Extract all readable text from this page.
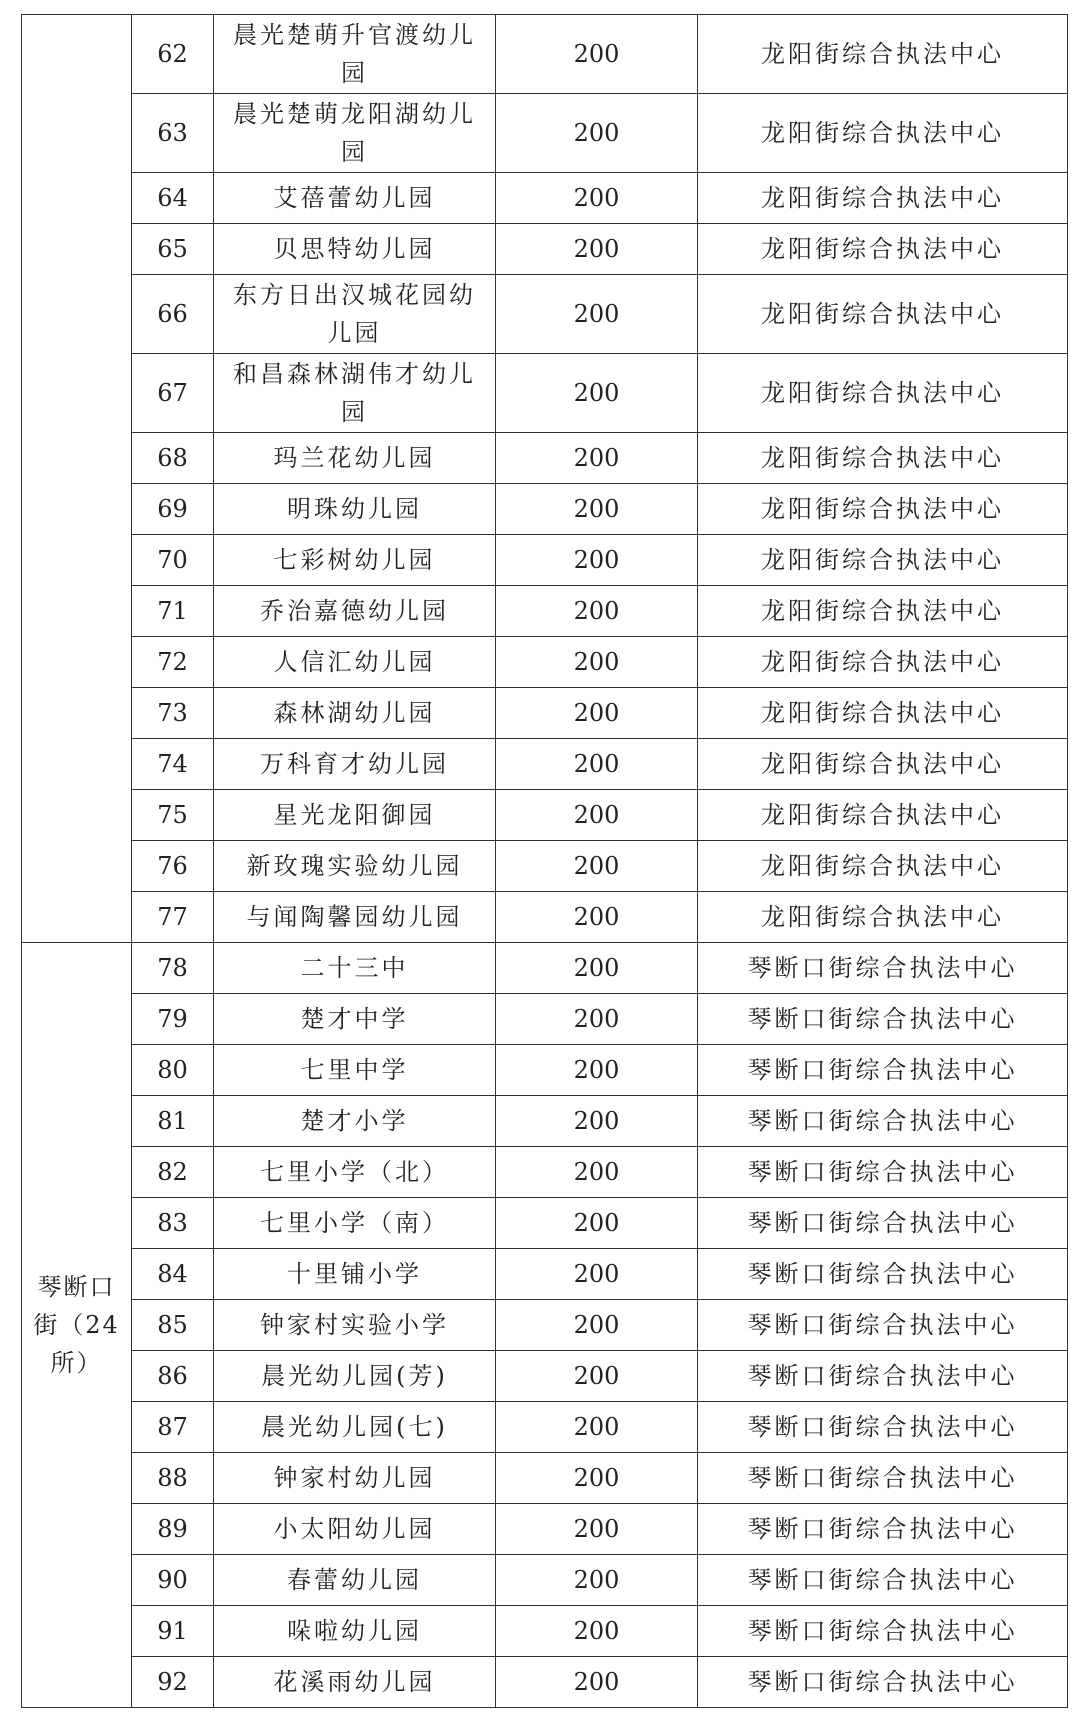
	62	晨光楚萌升官渡幼儿园	200	龙阳街综合执法中心
	63	晨光楚萌龙阳湖幼儿园	200	龙阳街综合执法中心
	64	艾蓓蕾幼儿园	200	龙阳街综合执法中心
	65	贝思特幼儿园	200	龙阳街综合执法中心
	66	东方日出汉城花园幼儿园	200	龙阳街综合执法中心
	67	和昌森林湖伟才幼儿园	200	龙阳街综合执法中心
	68	玛兰花幼儿园	200	龙阳街综合执法中心
	69	明珠幼儿园	200	龙阳街综合执法中心
	70	七彩树幼儿园	200	龙阳街综合执法中心
	71	乔治嘉德幼儿园	200	龙阳街综合执法中心
	72	人信汇幼儿园	200	龙阳街综合执法中心
	73	森林湖幼儿园	200	龙阳街综合执法中心
	74	万科育才幼儿园	200	龙阳街综合执法中心
	75	星光龙阳御园	200	龙阳街综合执法中心
	76	新玫瑰实验幼儿园	200	龙阳街综合执法中心
	77	与闻陶馨园幼儿园	200	龙阳街综合执法中心
琴断口街（24所）	78	二十三中	200	琴断口街综合执法中心
	79	楚才中学	200	琴断口街综合执法中心
	80	七里中学	200	琴断口街综合执法中心
	81	楚才小学	200	琴断口街综合执法中心
	82	七里小学（北）	200	琴断口街综合执法中心
	83	七里小学（南）	200	琴断口街综合执法中心
	84	十里铺小学	200	琴断口街综合执法中心
	85	钟家村实验小学	200	琴断口街综合执法中心
	86	晨光幼儿园(芳)	200	琴断口街综合执法中心
	87	晨光幼儿园(七)	200	琴断口街综合执法中心
	88	钟家村幼儿园	200	琴断口街综合执法中心
	89	小太阳幼儿园	200	琴断口街综合执法中心
	90	春蕾幼儿园	200	琴断口街综合执法中心
	91	哚啦幼儿园	200	琴断口街综合执法中心
	92	花溪雨幼儿园	200	琴断口街综合执法中心
